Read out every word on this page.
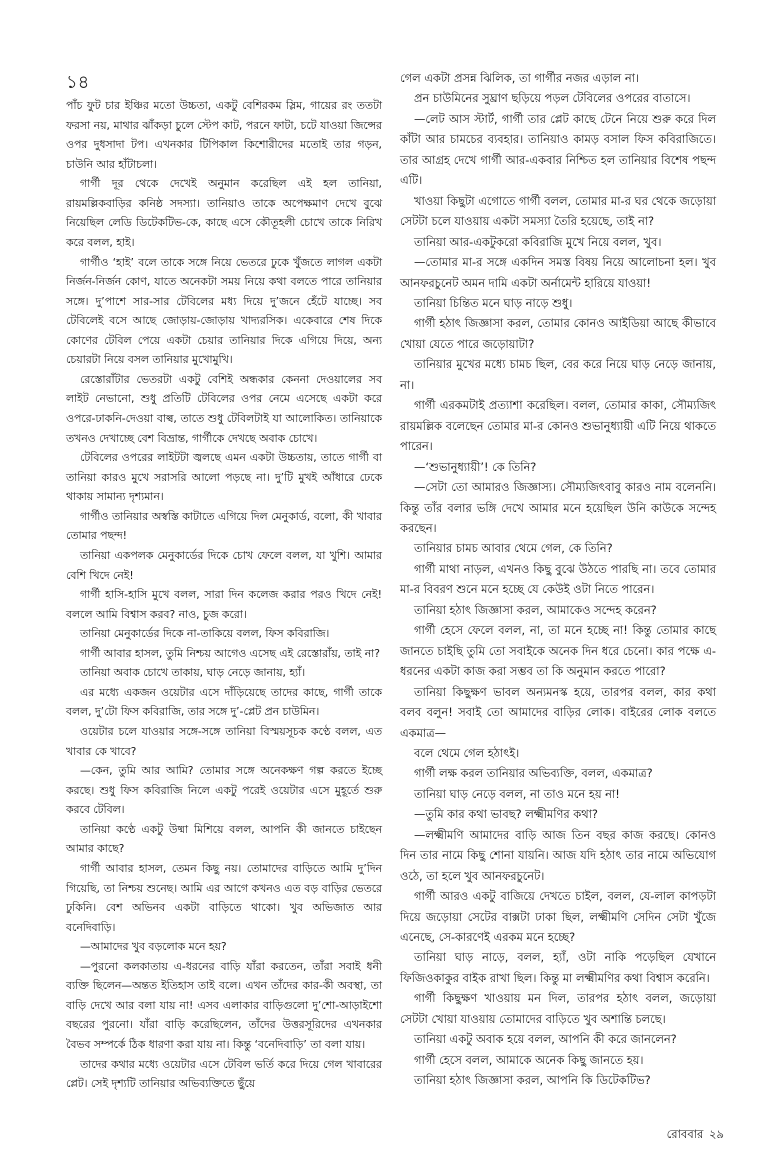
১৪

পাঁচ ফুট চার ইঞ্চির মতো উচ্চতা, একটু বেশিরকম স্লিম, গায়ের রং ততটা ফরসা নয়, মাথার ঝাঁকড়া চুলে স্টেপ কাট, পরনে ফাটা, চটে যাওয়া জিন্সের ওপর দুধসাদা টপ। এখনকার টিপিকাল কিশোরীদের মতোই তার গড়ন, চাউনি আর হাঁটাচলা।

গার্গী দূর থেকে দেখেই অনুমান করেছিল এই হল তানিয়া, রায়মল্লিকবাড়ির কনিষ্ঠ সদস্যা। তানিয়াও তাকে অপেক্ষমাণ দেখে বুঝে নিয়েছিল লেডি ডিটেকটিভ-কে, কাছে এসে কৌতূহলী চোখে তাকে নিরিখ করে বলল, হাই।

গার্গীও ‘হাই’ বলে তাকে সঙ্গে নিয়ে ভেতরে ঢুকে খুঁজতে লাগল একটা নির্জন-নির্জন কোণ, যাতে অনেকটা সময় নিয়ে কথা বলতে পারে তানিয়ার সঙ্গে। দু’পাশে সার-সার টেবিলের মধ্য দিয়ে দু’জনে হেঁটে যাচ্ছে। সব টেবিলেই বসে আছে জোড়ায়-জোড়ায় খাদ্যরসিক। একেবারে শেষ দিকে কোণের টেবিল পেয়ে একটা চেয়ার তানিয়ার দিকে এগিয়ে দিয়ে, অন্য চেয়ারটা নিয়ে বসল তানিয়ার মুখোমুখি।

রেস্তোরাঁটার ভেতরটা একটু বেশিই অন্ধকার কেননা দেওয়ালের সব লাইট নেভানো, শুধু প্রতিটি টেবিলের ওপর নেমে এসেছে একটা করে ওপরে-ঢাকনি-দেওয়া বাল্ব, তাতে শুধু টেবিলটাই যা আলোকিত। তানিয়াকে তখনও দেখাচ্ছে বেশ বিভ্রান্ত, গার্গীকে দেখছে অবাক চোখে।

টেবিলের ওপরের লাইটটা জ্বলছে এমন একটা উচ্চতায়, তাতে গার্গী বা তানিয়া কারও মুখে সরাসরি আলো পড়ছে না। দু’টি মুখই আঁধারে ঢেকে থাকায় সামান্য দৃশ্যমান।

গার্গীও তানিয়ার অস্বস্তি কাটাতে এগিয়ে দিল মেনুকার্ড, বলো, কী খাবার তোমার পছন্দ!

তানিয়া একপলক মেনুকার্ডের দিকে চোখ ফেলে বলল, যা খুশি। আমার বেশি খিদে নেই!

গার্গী হাসি-হাসি মুখে বলল, সারা দিন কলেজ করার পরও খিদে নেই! বললে আমি বিশ্বাস করব? নাও, চুজ করো।

তানিয়া মেনুকার্ডের দিকে না-তাকিয়ে বলল, ফিস কবিরাজি।

গার্গী আবার হাসল, তুমি নিশ্চয় আগেও এসেছ এই রেস্তোরাঁয়, তাই না?

তানিয়া অবাক চোখে তাকায়, ঘাড় নেড়ে জানায়, হ্যাঁ।

এর মধ্যে একজন ওয়েটার এসে দাঁড়িয়েছে তাদের কাছে, গার্গী তাকে বলল, দু’টো ফিস কবিরাজি, তার সঙ্গে দু’-প্লেট প্রন চাউমিন।

ওয়েটার চলে যাওয়ার সঙ্গে-সঙ্গে তানিয়া বিস্ময়সূচক কণ্ঠে বলল, এত খাবার কে খাবে?

—কেন, তুমি আর আমি? তোমার সঙ্গে অনেকক্ষণ গল্প করতে ইচ্ছে করছে। শুধু ফিস কবিরাজি নিলে একটু পরেই ওয়েটার এসে মুহূর্তে শুরু করবে টেবিল।

তানিয়া কণ্ঠে একটু উষ্মা মিশিয়ে বলল, আপনি কী জানতে চাইছেন আমার কাছে?

গার্গী আবার হাসল, তেমন কিছু নয়। তোমাদের বাড়িতে আমি দু’দিন গিয়েছি, তা নিশ্চয় শুনেছ। আমি এর আগে কখনও এত বড় বাড়ির ভেতরে ঢুকিনি। বেশ অভিনব একটা বাড়িতে থাকো। খুব অভিজাত আর বনেদিবাড়ি।

—আমাদের খুব বড়লোক মনে হয়?

—পুরনো কলকাতায় এ-ধরনের বাড়ি যাঁরা করতেন, তাঁরা সবাই ধনী ব্যক্তি ছিলেন—অন্তত ইতিহাস তাই বলে। এখন তাঁদের কার-কী অবস্থা, তা বাড়ি দেখে আর বলা যায় না! এসব এলাকার বাড়িগুলো দু’শো-আড়াইশো বছরের পুরনো। যাঁরা বাড়ি করেছিলেন, তাঁদের উত্তরসূরিদের এখনকার বৈভব সম্পর্কে ঠিক ধারণা করা যায় না। কিন্তু ‘বনেদিবাড়ি’ তা বলা যায়।

তাদের কথার মধ্যে ওয়েটার এসে টেবিল ভর্তি করে দিয়ে গেল খাবারের প্লেট। সেই দৃশ্যটি তানিয়ার অভিব্যক্তিতে ছুঁয়ে

গেল একটা প্রসন্ন ঝিলিক, তা গার্গীর নজর এড়াল না।

প্রন চাউমিনের সুঘ্রাণ ছড়িয়ে পড়ল টেবিলের ওপরের বাতাসে।

—লেট আস স্টার্ট, গার্গী তার প্লেট কাছে টেনে নিয়ে শুরু করে দিল কাঁটা আর চামচের ব্যবহার। তানিয়াও কামড় বসাল ফিস কবিরাজিতে। তার আগ্রহ দেখে গার্গী আর-একবার নিশ্চিত হল তানিয়ার বিশেষ পছন্দ এটি।

খাওয়া কিছুটা এগোতে গার্গী বলল, তোমার মা-র ঘর থেকে জড়োয়া সেটটা চলে যাওয়ায় একটা সমস্যা তৈরি হয়েছে, তাই না?

তানিয়া আর-একটুকরো কবিরাজি মুখে নিয়ে বলল, খুব।

—তোমার মা-র সঙ্গে একদিন সমস্ত বিষয় নিয়ে আলোচনা হল। খুব আনফরচুনেট অমন দামি একটা অর্নামেন্ট হারিয়ে যাওয়া!

তানিয়া চিন্তিত মনে ঘাড় নাড়ে শুধু।

গার্গী হঠাৎ জিজ্ঞাসা করল, তোমার কোনও আইডিয়া আছে কীভাবে খোয়া যেতে পারে জড়োয়াটা?

তানিয়ার মুখের মধ্যে চামচ ছিল, বের করে নিয়ে ঘাড় নেড়ে জানায়, না।

গার্গী এরকমটাই প্রত্যাশা করেছিল। বলল, তোমার কাকা, সৌম্যজিৎ রায়মল্লিক বলেছেন তোমার মা-র কোনও শুভানুধ্যায়ী এটি নিয়ে থাকতে পারেন।

—‘শুভানুধ্যায়ী’! কে তিনি?

—সেটা তো আমারও জিজ্ঞাস্য। সৌম্যজিৎবাবু কারও নাম বলেননি। কিন্তু তাঁর বলার ভঙ্গি দেখে আমার মনে হয়েছিল উনি কাউকে সন্দেহ করছেন।

তানিয়ার চামচ আবার থেমে গেল, কে তিনি?

গার্গী মাথা নাড়ল, এখনও কিছু বুঝে উঠতে পারছি না। তবে তোমার মা-র বিবরণ শুনে মনে হচ্ছে যে কেউই ওটা নিতে পারেন।

তানিয়া হঠাৎ জিজ্ঞাসা করল, আমাকেও সন্দেহ করেন?

গার্গী হেসে ফেলে বলল, না, তা মনে হচ্ছে না! কিন্তু তোমার কাছে জানতে চাইছি তুমি তো সবাইকে অনেক দিন ধরে চেনো। কার পক্ষে এ-ধরনের একটা কাজ করা সম্ভব তা কি অনুমান করতে পারো?

তানিয়া কিছুক্ষণ ভাবল অন্যমনস্ক হয়ে, তারপর বলল, কার কথা বলব বলুন! সবাই তো আমাদের বাড়ির লোক। বাইরের লোক বলতে একমাত্র—

বলে থেমে গেল হঠাৎই।

গার্গী লক্ষ করল তানিয়ার অভিব্যক্তি, বলল, একমাত্র?

তানিয়া ঘাড় নেড়ে বলল, না তাও মনে হয় না!

—তুমি কার কথা ভাবছ? লক্ষ্মীমণির কথা?

—লক্ষ্মীমণি আমাদের বাড়ি আজ তিন বছর কাজ করছে। কোনও দিন তার নামে কিছু শোনা যায়নি। আজ যদি হঠাৎ তার নামে অভিযোগ ওঠে, তা হলে খুব আনফরচুনেট।

গার্গী আরও একটু বাজিয়ে দেখতে চাইল, বলল, যে-লাল কাপড়টা দিয়ে জড়োয়া সেটের বাক্সটা ঢাকা ছিল, লক্ষ্মীমণি সেদিন সেটা খুঁজে এনেছে, সে-কারণেই এরকম মনে হচ্ছে?

তানিয়া ঘাড় নাড়ে, বলল, হ্যাঁ, ওটা নাকি পড়েছিল যেখানে ফিজিওকাকুর বাইক রাখা ছিল। কিন্তু মা লক্ষ্মীমণির কথা বিশ্বাস করেনি।

গার্গী কিছুক্ষণ খাওয়ায় মন দিল, তারপর হঠাৎ বলল, জড়োয়া সেটটা খোয়া যাওয়ায় তোমাদের বাড়িতে খুব অশান্তি চলছে।

তানিয়া একটু অবাক হয়ে বলল, আপনি কী করে জানলেন?

গার্গী হেসে বলল, আমাকে অনেক কিছু জানতে হয়।

তানিয়া হঠাৎ জিজ্ঞাসা করল, আপনি কি ডিটেকটিভ?

রোববার ২৯
